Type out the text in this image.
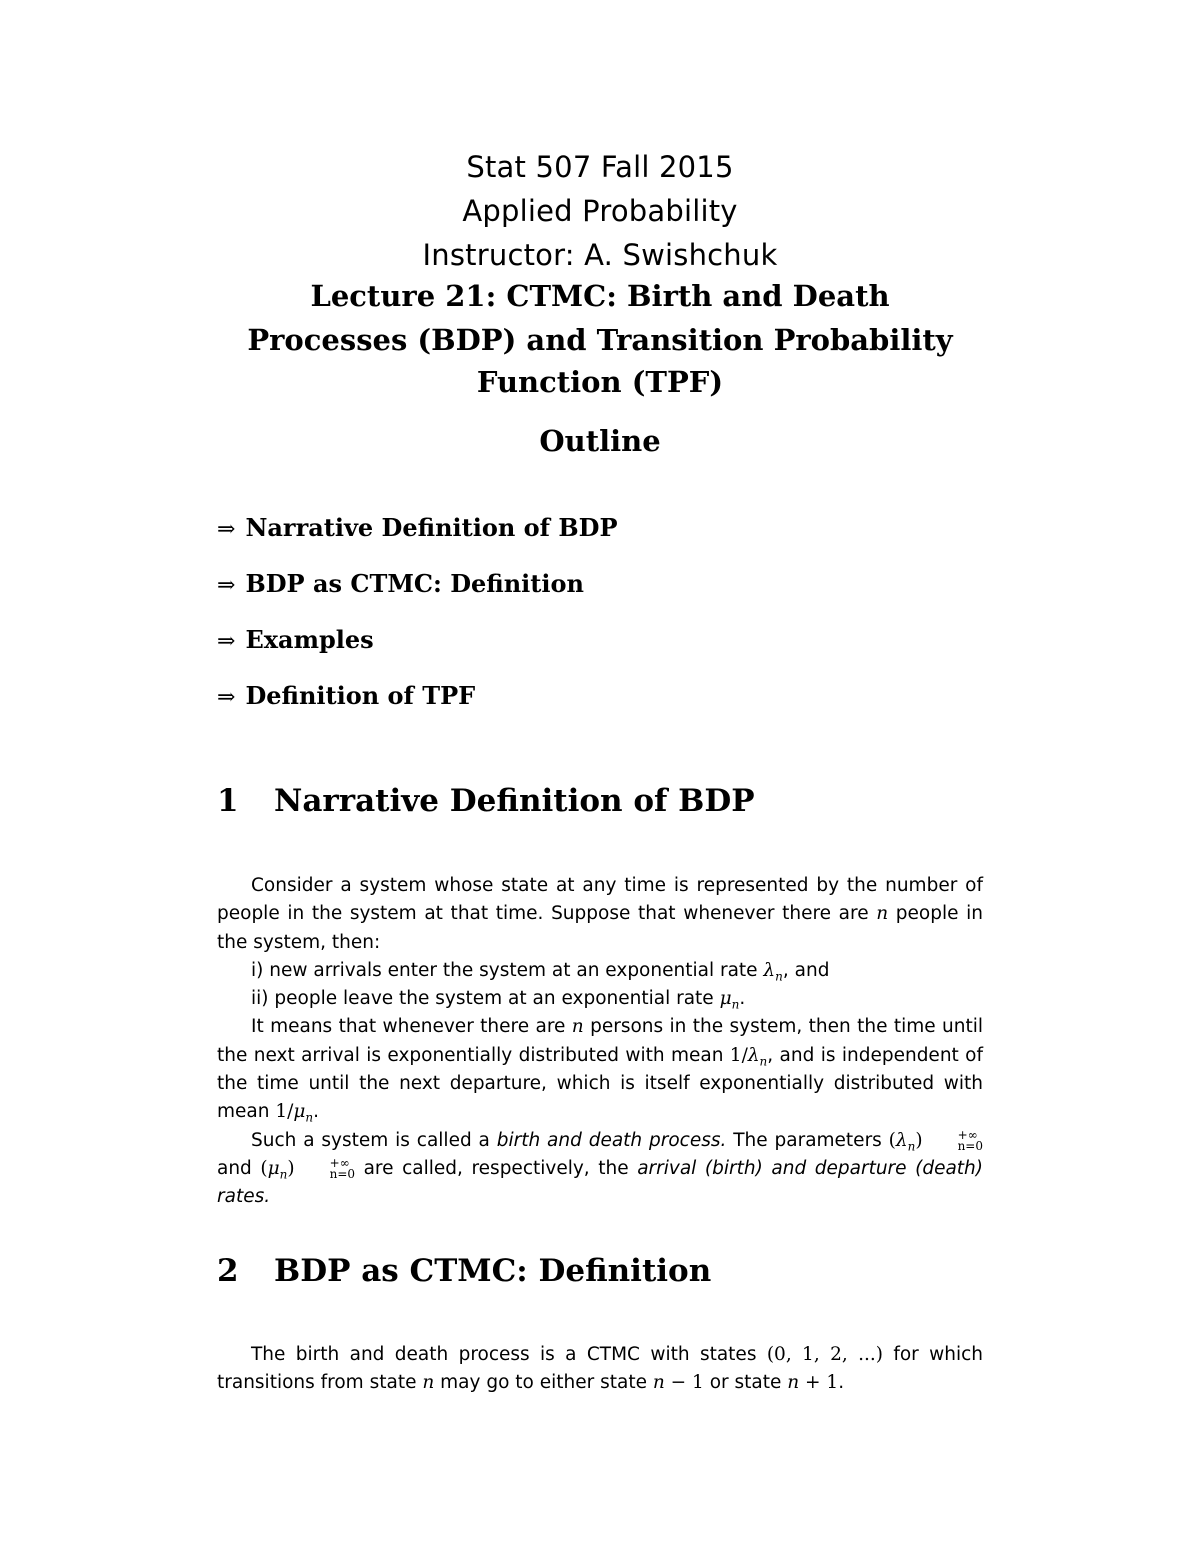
Stat 507 Fall 2015
Applied Probability
Instructor: A. Swishchuk
Lecture 21: CTMC: Birth and Death
Processes (BDP) and Transition Probability
Function (TPF)
Outline
⇒ Narrative Definition of BDP
⇒ BDP as CTMC: Definition
⇒ Examples
⇒ Definition of TPF
1 Narrative Definition of BDP

Consider a system whose state at any time is represented by the number of people in the system at that time. Suppose that whenever there are n people in the system, then:

i) new arrivals enter the system at an exponential rate $\lambda_n$, and

ii) people leave the system at an exponential rate $\mu_n$.

It means that whenever there are n persons in the system, then the time until the next arrival is exponentially distributed with mean $1/\lambda_n$, and is independent of the time until the next departure, which is itself exponentially distributed with mean $1/\mu_n$.

Such a system is called a birth and death process. The parameters $(\lambda_n)$	+∞
n=0
and $(\mu_n)$	+∞
n=0 are called, respectively, the arrival (birth) and departure (death) rates.

2 BDP as CTMC: Definition

The birth and death process is a CTMC with states (0, 1, 2, ...) for which transitions from state n may go to either state n − 1 or state n + 1.
